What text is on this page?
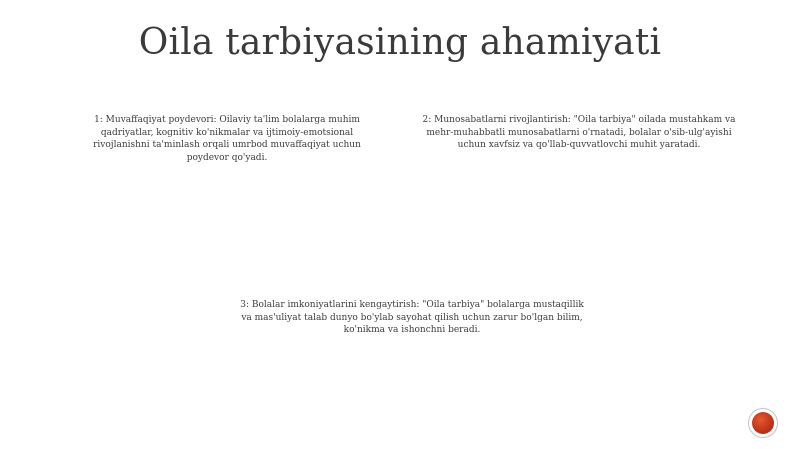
Oila tarbiyasining ahamiyati
1: Muvaffaqiyat poydevori: Oilaviy ta'lim bolalarga muhim qadriyatlar, kognitiv ko'nikmalar va ijtimoiy-emotsional rivojlanishni ta'minlash orqali umrbod muvaffaqiyat uchun poydevor qo'yadi.
2: Munosabatlarni rivojlantirish: "Oila tarbiya" oilada mustahkam va mehr-muhabbatli munosabatlarni o'rnatadi, bolalar o'sib-ulg'ayishi uchun xavfsiz va qo'llab-quvvatlovchi muhit yaratadi.
3: Bolalar imkoniyatlarini kengaytirish: "Oila tarbiya" bolalarga mustaqillik va mas'uliyat talab dunyo bo'ylab sayohat qilish uchun zarur bo'lgan bilim, ko'nikma va ishonchni beradi.
